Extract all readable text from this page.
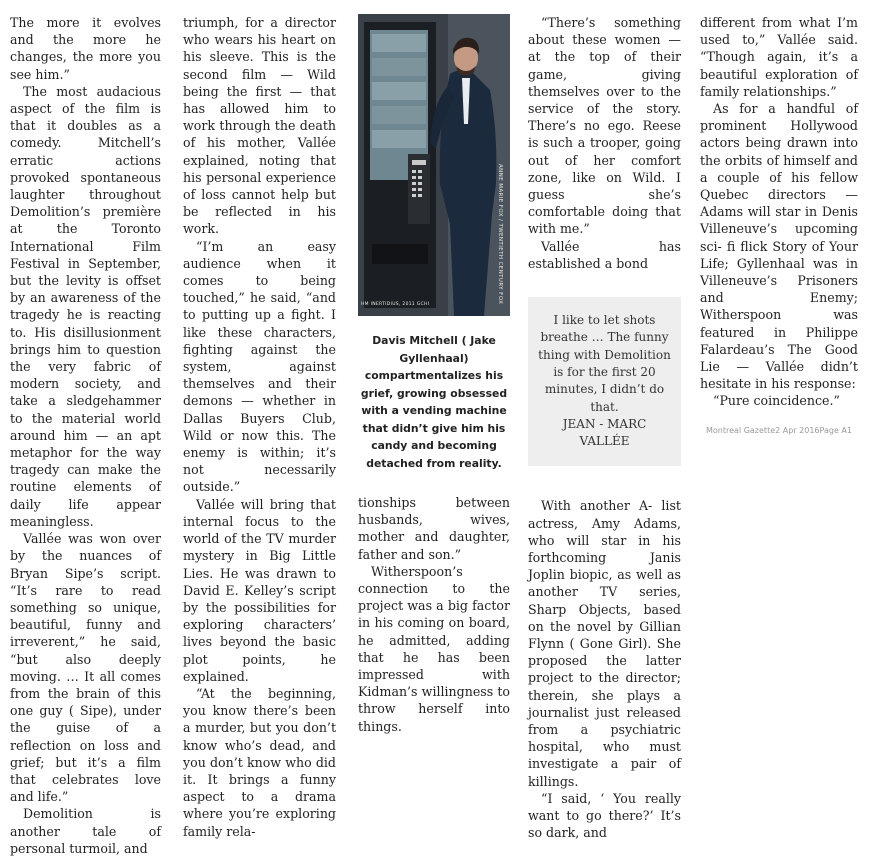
The more it evolves and the more he changes, the more you see him.”

The most audacious aspect of the film is that it doubles as a comedy. Mitchell’s erratic actions provoked spontaneous laughter throughout Demolition’s première at the Toronto International Film Festival in September, but the levity is offset by an awareness of the tragedy he is reacting to. His disillusionment brings him to question the very fabric of modern society, and take a sledgehammer to the material world around him — an apt metaphor for the way tragedy can make the routine elements of daily life appear meaningless.

Vallée was won over by the nuances of Bryan Sipe’s script. “It’s rare to read something so unique, beautiful, funny and irreverent,” he said, “but also deeply moving. … It all comes from the brain of this one guy ( Sipe), under the guise of a reflection on loss and grief; but it’s a film that celebrates love and life.”

Demolition is another tale of personal turmoil, and

triumph, for a director who wears his heart on his sleeve. This is the second film — Wild being the first — that has allowed him to work through the death of his mother, Vallée explained, noting that his personal experience of loss cannot help but be reflected in his work.

“I’m an easy audience when it comes to being touched,” he said, “and to putting up a fight. I like these characters, fighting against the system, against themselves and their demons — whether in Dallas Buyers Club, Wild or now this. The enemy is within; it’s not necessarily outside.”

Vallée will bring that internal focus to the world of the TV murder mystery in Big Little Lies. He was drawn to David E. Kelley’s script by the possibilities for exploring characters’ lives beyond the basic plot points, he explained.

“At the beginning, you know there’s been a murder, but you don’t know who’s dead, and you don’t know who did it. It brings a funny aspect to a drama where you’re exploring family rela-

ANNE MARIE FOX / TWENTIETH CENTURY FOX
HM INERTIDIUS, 2011 GCHI
Davis Mitchell ( Jake Gyllenhaal) compartmentalizes his grief, growing obsessed with a vending machine that didn’t give him his candy and becoming detached from reality.

tionships between husbands, wives, mother and daughter, father and son.”

Witherspoon’s connection to the project was a big factor in his coming on board, he admitted, adding that he has been impressed with Kidman’s willingness to throw herself into things.

“There’s something about these women — at the top of their game, giving themselves over to the service of the story. There’s no ego. Reese is such a trooper, going out of her comfort zone, like on Wild. I guess she’s comfortable doing that with me.”

Vallée has established a bond

I like to let shots breathe … The funny thing with Demolition is for the first 20 minutes, I didn’t do that.
JEAN - MARC VALLÉE

With another A- list actress, Amy Adams, who will star in his forthcoming Janis Joplin biopic, as well as another TV series, Sharp Objects, based on the novel by Gillian Flynn ( Gone Girl). She proposed the latter project to the director; therein, she plays a journalist just released from a psychiatric hospital, who must investigate a pair of killings.

“I said, ‘ You really want to go there?’ It’s so dark, and

different from what I’m used to,” Vallée said. “Though again, it’s a beautiful exploration of family relationships.”

As for a handful of prominent Hollywood actors being drawn into the orbits of himself and a couple of his fellow Quebec directors — Adams will star in Denis Villeneuve’s upcoming sci- fi flick Story of Your Life; Gyllenhaal was in Villeneuve’s Prisoners and Enemy; Witherspoon was featured in Philippe Falardeau’s The Good Lie — Vallée didn’t hesitate in his response:

“Pure coincidence.”

Montreal Gazette2 Apr 2016Page A1
